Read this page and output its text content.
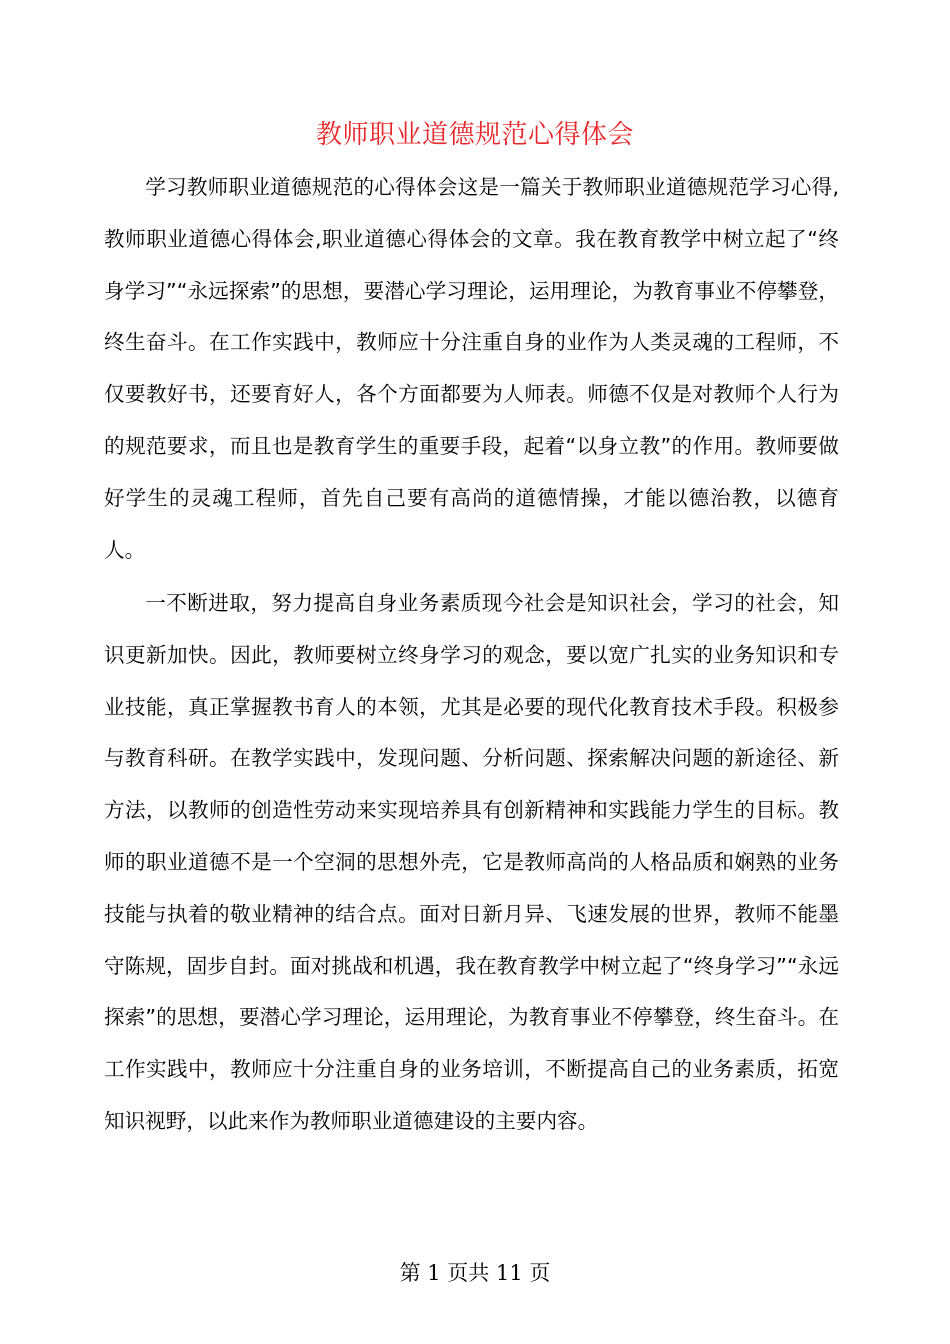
教师职业道德规范心得体会

学习教师职业道德规范的心得体会这是一篇关于教师职业道德规范学习心得,教师职业道德心得体会,职业道德心得体会的文章。我在教育教学中树立起了“终身学习”“永远探索”的思想，要潜心学习理论，运用理论，为教育事业不停攀登，终生奋斗。在工作实践中，教师应十分注重自身的业作为人类灵魂的工程师，不仅要教好书，还要育好人，各个方面都要为人师表。师德不仅是对教师个人行为的规范要求，而且也是教育学生的重要手段，起着“以身立教”的作用。教师要做好学生的灵魂工程师，首先自己要有高尚的道德情操，才能以德治教，以德育人。

一不断进取，努力提高自身业务素质现今社会是知识社会，学习的社会，知识更新加快。因此，教师要树立终身学习的观念，要以宽广扎实的业务知识和专业技能，真正掌握教书育人的本领，尤其是必要的现代化教育技术手段。积极参与教育科研。在教学实践中，发现问题、分析问题、探索解决问题的新途径、新方法，以教师的创造性劳动来实现培养具有创新精神和实践能力学生的目标。教师的职业道德不是一个空洞的思想外壳，它是教师高尚的人格品质和娴熟的业务技能与执着的敬业精神的结合点。面对日新月异、飞速发展的世界，教师不能墨守陈规，固步自封。面对挑战和机遇，我在教育教学中树立起了“终身学习”“永远探索”的思想，要潜心学习理论，运用理论，为教育事业不停攀登，终生奋斗。在工作实践中，教师应十分注重自身的业务培训，不断提高自己的业务素质，拓宽知识视野，以此来作为教师职业道德建设的主要内容。

第 1 页共 11 页
